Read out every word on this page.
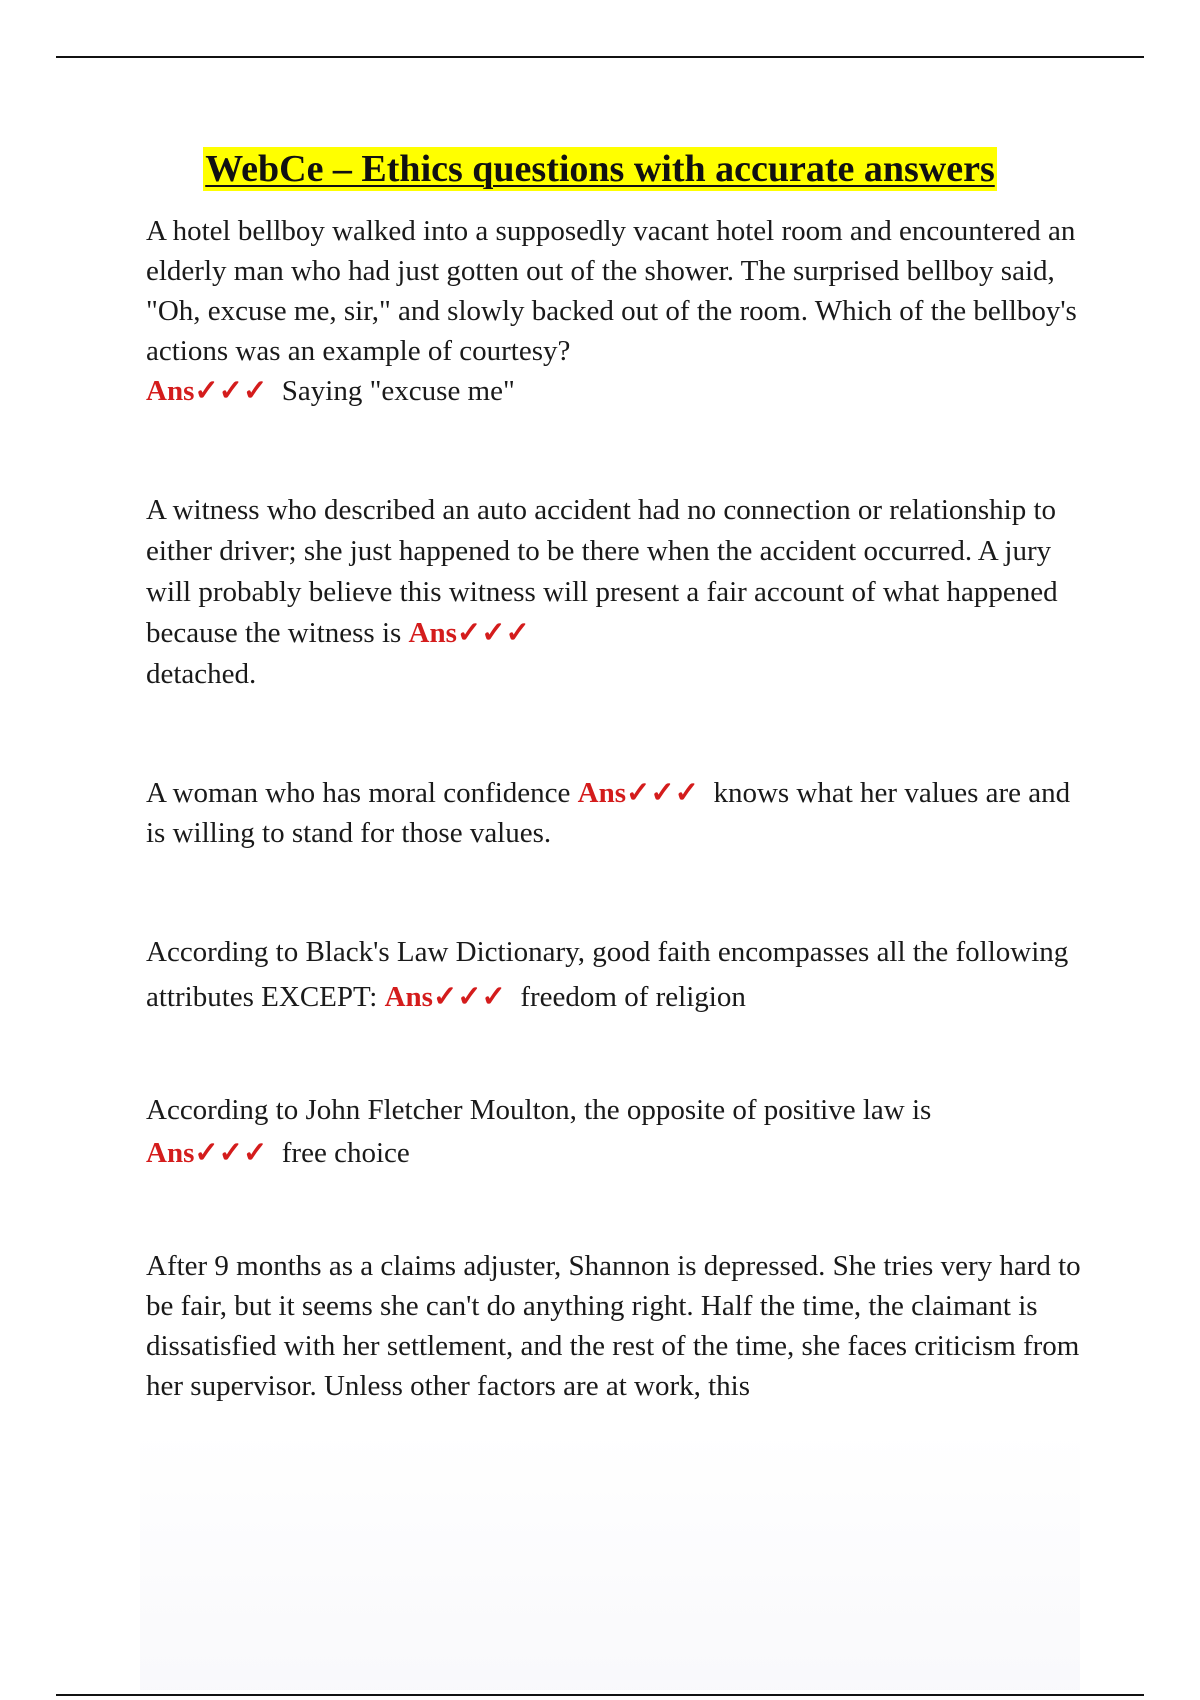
WebCe – Ethics questions with accurate answers

A hotel bellboy walked into a supposedly vacant hotel room and encountered an elderly man who had just gotten out of the shower. The surprised bellboy said, "Oh, excuse me, sir," and slowly backed out of the room. Which of the bellboy's actions was an example of courtesy?
Ans✓✓✓ Saying "excuse me"

A witness who described an auto accident had no connection or relationship to either driver; she just happened to be there when the accident occurred. A jury will probably believe this witness will present a fair account of what happened because the witness is Ans✓✓✓
detached.

A woman who has moral confidence Ans✓✓✓ knows what her values are and is willing to stand for those values.

According to Black's Law Dictionary, good faith encompasses all the following attributes EXCEPT: Ans✓✓✓ freedom of religion

According to John Fletcher Moulton, the opposite of positive law is
Ans✓✓✓ free choice

After 9 months as a claims adjuster, Shannon is depressed. She tries very hard to be fair, but it seems she can't do anything right. Half the time, the claimant is dissatisfied with her settlement, and the rest of the time, she faces criticism from her supervisor. Unless other factors are at work, this
